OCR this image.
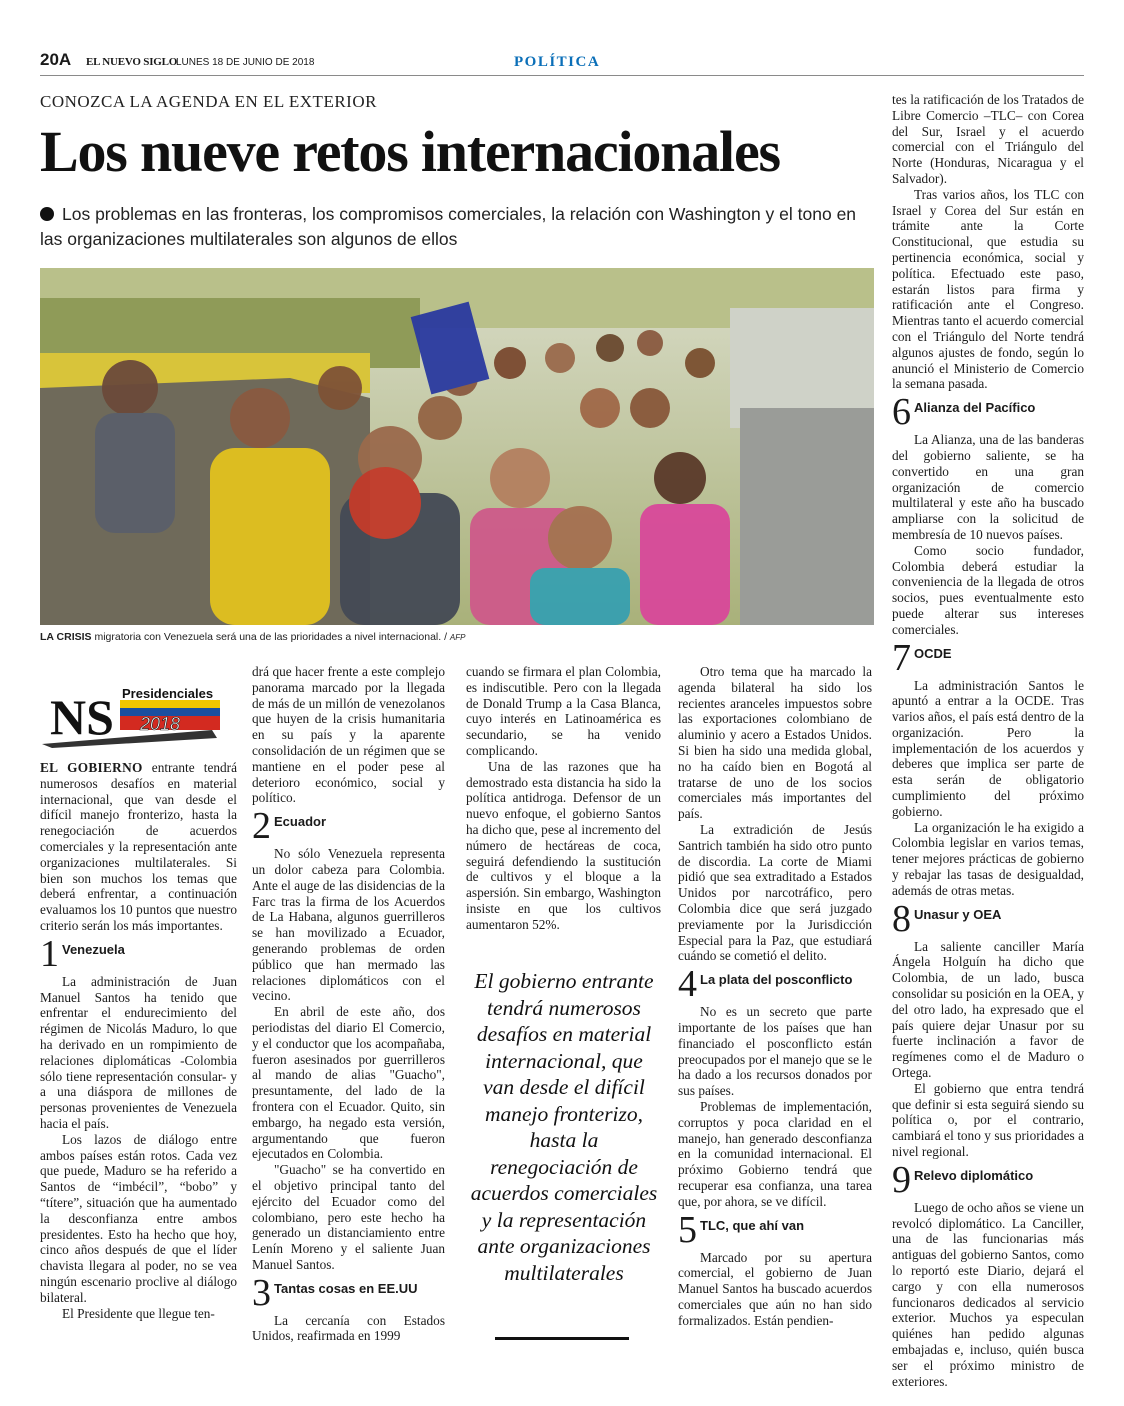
20A EL NUEVO SIGLO
LUNES 18 DE JUNIO DE 2018	POLÍTICA
CONOZCA LA AGENDA EN EL EXTERIOR
Los nueve retos internacionales
Los problemas en las fronteras, los compromisos comerciales, la relación con Washington y el tono en las organizaciones multilaterales son algunos de ellos
LA CRISIS migratoria con Venezuela será una de las prioridades a nivel internacional. / AFP
NS Presidenciales
2018

EL GOBIERNO entrante tendrá numerosos desafíos en material internacional, que van desde el difícil manejo fronterizo, hasta la renegociación de acuerdos comerciales y la representación ante organizaciones multilaterales. Si bien son muchos los temas que deberá enfrentar, a continuación evaluamos los 10 puntos que nuestro criterio serán los más importantes.

1 Venezuela

La administración de Juan Manuel Santos ha tenido que enfrentar el endurecimiento del régimen de Nicolás Maduro, lo que ha derivado en un rompimiento de relaciones diplomáticas -Colombia sólo tiene representación consular- y a una diáspora de millones de personas provenientes de Venezuela hacia el país.

Los lazos de diálogo entre ambos países están rotos. Cada vez que puede, Maduro se ha referido a Santos de “imbécil”, “bobo” y “títere”, situación que ha aumentado la desconfianza entre ambos presidentes. Esto ha hecho que hoy, cinco años después de que el líder chavista llegara al poder, no se vea ningún escenario proclive al diálogo bilateral.

El Presidente que llegue ten-

drá que hacer frente a este complejo panorama marcado por la llegada de más de un millón de venezolanos que huyen de la crisis humanitaria en su país y la aparente consolidación de un régimen que se mantiene en el poder pese al deterioro económico, social y político.

2 Ecuador

No sólo Venezuela representa un dolor cabeza para Colombia. Ante el auge de las disidencias de la Farc tras la firma de los Acuerdos de La Habana, algunos guerrilleros se han movilizado a Ecuador, generando problemas de orden público que han mermado las relaciones diplomáticos con el vecino.

En abril de este año, dos periodistas del diario El Comercio, y el conductor que los acompañaba, fueron asesinados por guerrilleros al mando de alias "Guacho", presuntamente, del lado de la frontera con el Ecuador. Quito, sin embargo, ha negado esta versión, argumentando que fueron ejecutados en Colombia.

"Guacho" se ha convertido en el objetivo principal tanto del ejército del Ecuador como del colombiano, pero este hecho ha generado un distanciamiento entre Lenín Moreno y el saliente Juan Manuel Santos.

3 Tantas cosas en EE.UU

La cercanía con Estados Unidos, reafirmada en 1999

cuando se firmara el plan Colombia, es indiscutible. Pero con la llegada de Donald Trump a la Casa Blanca, cuyo interés en Latinoamérica es secundario, se ha venido complicando.

Una de las razones que ha demostrado esta distancia ha sido la política antidroga. Defensor de un nuevo enfoque, el gobierno Santos ha dicho que, pese al incremento del número de hectáreas de coca, seguirá defendiendo la sustitución de cultivos y el bloque a la aspersión. Sin embargo, Washington insiste en que los cultivos aumentaron 52%.

El gobierno entrante tendrá numerosos desafíos en material internacional, que van desde el difícil manejo fronterizo, hasta la renegociación de acuerdos comerciales y la representación ante organizaciones multilaterales

Otro tema que ha marcado la agenda bilateral ha sido los recientes aranceles impuestos sobre las exportaciones colombiano de aluminio y acero a Estados Unidos. Si bien ha sido una medida global, no ha caído bien en Bogotá al tratarse de uno de los socios comerciales más importantes del país.

La extradición de Jesús Santrich también ha sido otro punto de discordia. La corte de Miami pidió que sea extraditado a Estados Unidos por narcotráfico, pero Colombia dice que será juzgado previamente por la Jurisdicción Especial para la Paz, que estudiará cuándo se cometió el delito.

4 La plata del posconflicto

No es un secreto que parte importante de los países que han financiado el posconflicto están preocupados por el manejo que se le ha dado a los recursos donados por sus países.

Problemas de implementación, corruptos y poca claridad en el manejo, han generado desconfianza en la comunidad internacional. El próximo Gobierno tendrá que recuperar esa confianza, una tarea que, por ahora, se ve difícil.

5 TLC, que ahí van

Marcado por su apertura comercial, el gobierno de Juan Manuel Santos ha buscado acuerdos comerciales que aún no han sido formalizados. Están pendien-

tes la ratificación de los Tratados de Libre Comercio –TLC– con Corea del Sur, Israel y el acuerdo comercial con el Triángulo del Norte (Honduras, Nicaragua y el Salvador).

Tras varios años, los TLC con Israel y Corea del Sur están en trámite ante la Corte Constitucional, que estudia su pertinencia económica, social y política. Efectuado este paso, estarán listos para firma y ratificación ante el Congreso. Mientras tanto el acuerdo comercial con el Triángulo del Norte tendrá algunos ajustes de fondo, según lo anunció el Ministerio de Comercio la semana pasada.

6 Alianza del Pacífico

La Alianza, una de las banderas del gobierno saliente, se ha convertido en una gran organización de comercio multilateral y este año ha buscado ampliarse con la solicitud de membresía de 10 nuevos países.

Como socio fundador, Colombia deberá estudiar la conveniencia de la llegada de otros socios, pues eventualmente esto puede alterar sus intereses comerciales.

7 OCDE

La administración Santos le apuntó a entrar a la OCDE. Tras varios años, el país está dentro de la organización. Pero la implementación de los acuerdos y deberes que implica ser parte de esta serán de obligatorio cumplimiento del próximo gobierno.

La organización le ha exigido a Colombia legislar en varios temas, tener mejores prácticas de gobierno y rebajar las tasas de desigualdad, además de otras metas.

8 Unasur y OEA

La saliente canciller María Ángela Holguín ha dicho que Colombia, de un lado, busca consolidar su posición en la OEA, y del otro lado, ha expresado que el país quiere dejar Unasur por su fuerte inclinación a favor de regímenes como el de Maduro o Ortega.

El gobierno que entra tendrá que definir si esta seguirá siendo su política o, por el contrario, cambiará el tono y sus prioridades a nivel regional.

9 Relevo diplomático

Luego de ocho años se viene un revolcó diplomático. La Canciller, una de las funcionarias más antiguas del gobierno Santos, como lo reportó este Diario, dejará el cargo y con ella numerosos funcionaros dedicados al servicio exterior. Muchos ya especulan quiénes han pedido algunas embajadas e, incluso, quién busca ser el próximo ministro de exteriores.
